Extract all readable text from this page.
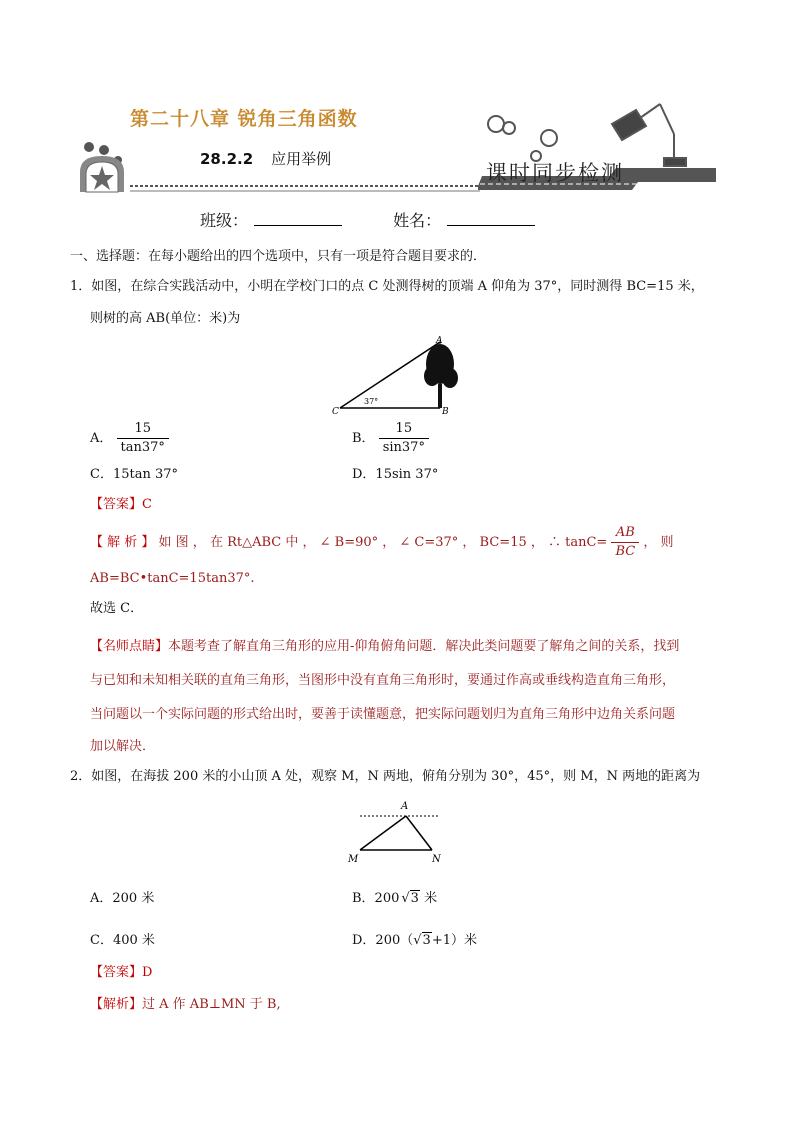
第二十八章 锐角三角函数
28.2.2 应用举例
课时同步检测
班级：	姓名：
一、选择题：在每小题给出的四个选项中，只有一项是符合题目要求的．
1．如图，在综合实践活动中，小明在学校门口的点 C 处测得树的顶端 A 仰角为 37°，同时测得 BC=15 米，
则树的高 AB(单位：米)为
A
B
C
37°
A． $\frac{15}{\tan 37^\circ}$	B． $\frac{15}{\sin 37^\circ}$
C．15tan 37°	D．15sin 37°
【答案】C
【 解 析 】 如 图 ， 在 Rt△ABC 中 ， ∠ B=90° ， ∠ C=37° ， BC=15 ， ∴ $\tan C= \frac{AB}{BC}$ ， 则
AB=BC•tanC=15tan37°.
故选 C．
【名师点睛】本题考查了解直角三角形的应用-仰角俯角问题．解决此类问题要了解角之间的关系，找到
与已知和未知相关联的直角三角形，当图形中没有直角三角形时，要通过作高或垂线构造直角三角形，
当问题以一个实际问题的形式给出时，要善于读懂题意，把实际问题划归为直角三角形中边角关系问题
加以解决．
2．如图，在海拔 200 米的小山顶 A 处，观察 M，N 两地，俯角分别为 30°，45°，则 M，N 两地的距离为
A
M	N
A．200 米	B．200 √3 米
C．400 米	D．200（√3+1）米
【答案】D
【解析】过 A 作 AB⊥MN 于 B,
